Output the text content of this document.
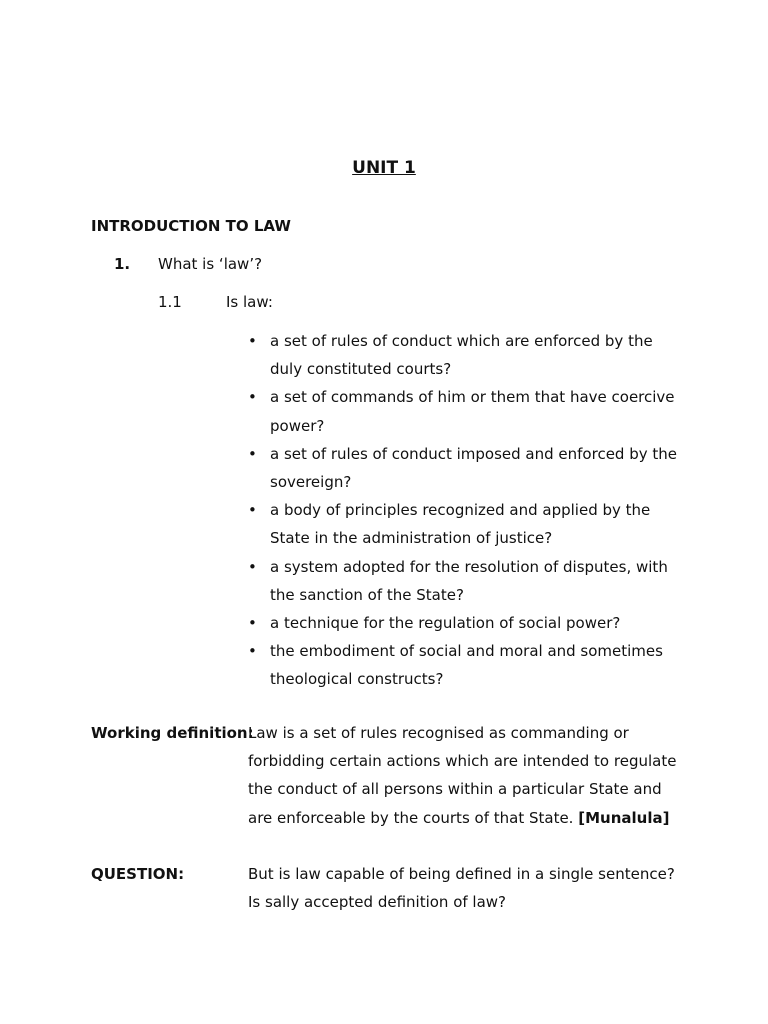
UNIT 1
INTRODUCTION TO LAW
1. What is ‘law’?
1.1	Is law:
• a set of rules of conduct which are enforced by the duly constituted courts?
• a set of commands of him or them that have coercive power?
• a set of rules of conduct imposed and enforced by the sovereign?
• a body of principles recognized and applied by the State in the administration of justice?
• a system adopted for the resolution of disputes, with the sanction of the State?
• a technique for the regulation of social power?
• the embodiment of social and moral and sometimes theological constructs?
Working definition:
Law is a set of rules recognised as commanding or forbidding certain actions which are intended to regulate the conduct of all persons within a particular State and are enforceable by the courts of that State. [Munalula]
QUESTION:	But is law capable of being defined in a single sentence? Is sally accepted definition of law?
